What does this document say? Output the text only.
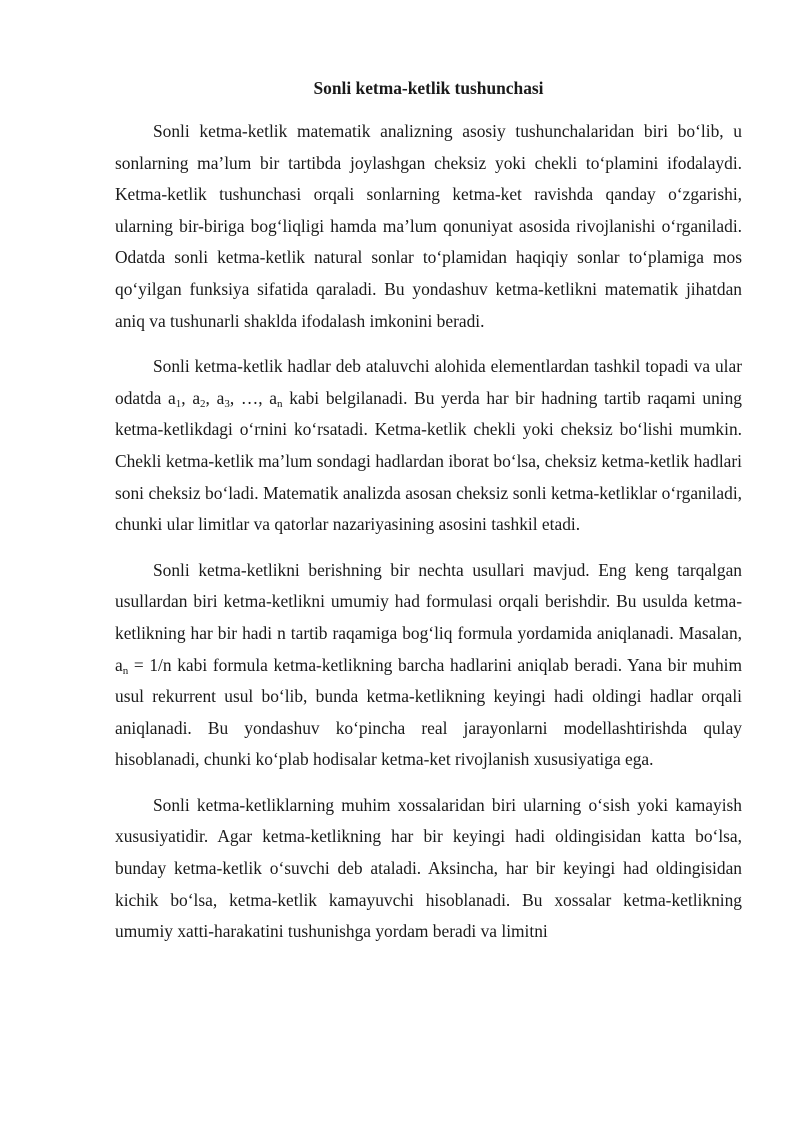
Sonli ketma-ketlik tushunchasi

Sonli ketma-ketlik matematik analizning asosiy tushunchalaridan biri bo‘lib, u sonlarning ma’lum bir tartibda joylashgan cheksiz yoki chekli to‘plamini ifodalaydi. Ketma-ketlik tushunchasi orqali sonlarning ketma-ket ravishda qanday o‘zgarishi, ularning bir-biriga bog‘liqligi hamda ma’lum qonuniyat asosida rivojlanishi o‘rganiladi. Odatda sonli ketma-ketlik natural sonlar to‘plamidan haqiqiy sonlar to‘plamiga mos qo‘yilgan funksiya sifatida qaraladi. Bu yondashuv ketma-ketlikni matematik jihatdan aniq va tushunarli shaklda ifodalash imkonini beradi.

Sonli ketma-ketlik hadlar deb ataluvchi alohida elementlardan tashkil topadi va ular odatda $a_1$, $a_2$, $a_3$, …, $a_n$ kabi belgilanadi. Bu yerda har bir hadning tartib raqami uning ketma-ketlikdagi o‘rnini ko‘rsatadi. Ketma-ketlik chekli yoki cheksiz bo‘lishi mumkin. Chekli ketma-ketlik ma’lum sondagi hadlardan iborat bo‘lsa, cheksiz ketma-ketlik hadlari soni cheksiz bo‘ladi. Matematik analizda asosan cheksiz sonli ketma-ketliklar o‘rganiladi, chunki ular limitlar va qatorlar nazariyasining asosini tashkil etadi.

Sonli ketma-ketlikni berishning bir nechta usullari mavjud. Eng keng tarqalgan usullardan biri ketma-ketlikni umumiy had formulasi orqali berishdir. Bu usulda ketma-ketlikning har bir hadi n tartib raqamiga bog‘liq formula yordamida aniqlanadi. Masalan, $a_n = 1/n$ kabi formula ketma-ketlikning barcha hadlarini aniqlab beradi. Yana bir muhim usul rekurrent usul bo‘lib, bunda ketma-ketlikning keyingi hadi oldingi hadlar orqali aniqlanadi. Bu yondashuv ko‘pincha real jarayonlarni modellashtirishda qulay hisoblanadi, chunki ko‘plab hodisalar ketma-ket rivojlanish xususiyatiga ega.

Sonli ketma-ketliklarning muhim xossalaridan biri ularning o‘sish yoki kamayish xususiyatidir. Agar ketma-ketlikning har bir keyingi hadi oldingisidan katta bo‘lsa, bunday ketma-ketlik o‘suvchi deb ataladi. Aksincha, har bir keyingi had oldingisidan kichik bo‘lsa, ketma-ketlik kamayuvchi hisoblanadi. Bu xossalar ketma-ketlikning umumiy xatti-harakatini tushunishga yordam beradi va limitni
